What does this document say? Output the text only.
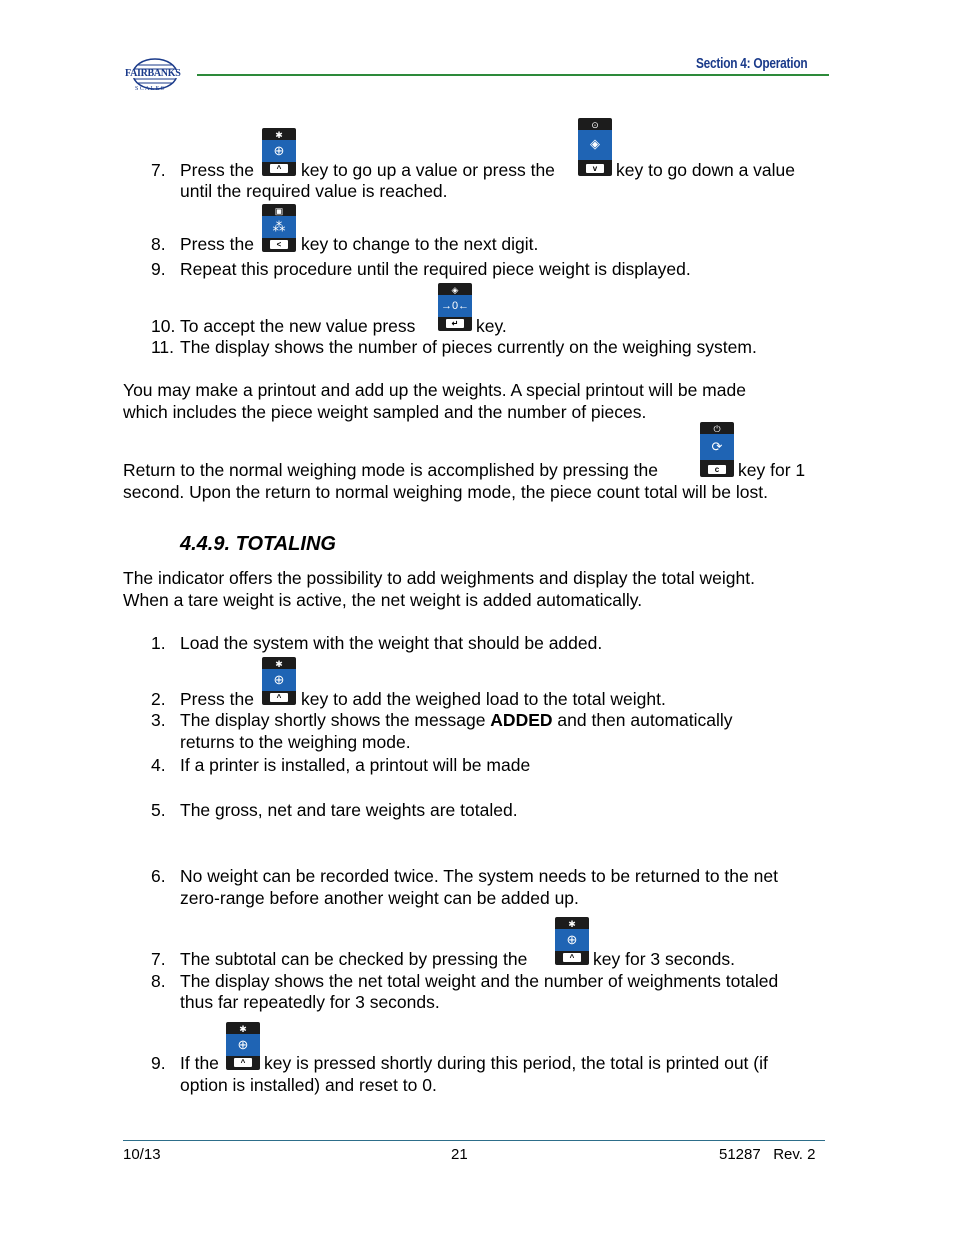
FAIRBANKS
S C A L E S
Section 4: Operation
7. Press the
✱
⊕
^	key to go up a value or press the
⊙
◈
v	key to go down a value
until the required value is reached.
8. Press the
▣
⁂
<	key to change to the next digit.
9. Repeat this procedure until the required piece weight is displayed.
10. To accept the new value press
◈
→0←
↵	key.
11. The display shows the number of pieces currently on the weighing system.
You may make a printout and add up the weights. A special printout will be made
which includes the piece weight sampled and the number of pieces.
Return to the normal weighing mode is accomplished by pressing the
⏻
⟳
c	key for 1
second. Upon the return to normal weighing mode, the piece count total will be lost.
4.4.9. TOTALING
The indicator offers the possibility to add weighments and display the total weight.
When a tare weight is active, the net weight is added automatically.
1. Load the system with the weight that should be added.
2. Press the
✱
⊕
^	key to add the weighed load to the total weight.
3. The display shortly shows the message ADDED and then automatically
returns to the weighing mode.
4. If a printer is installed, a printout will be made
5. The gross, net and tare weights are totaled.
6. No weight can be recorded twice. The system needs to be returned to the net
zero-range before another weight can be added up.
7. The subtotal can be checked by pressing the
✱
⊕
^	key for 3 seconds.
8. The display shows the net total weight and the number of weighments totaled
thus far repeatedly for 3 seconds.
9. If the
✱
⊕
^	key is pressed shortly during this period, the total is printed out (if
option is installed) and reset to 0.
10/13	21	51287   Rev. 2
